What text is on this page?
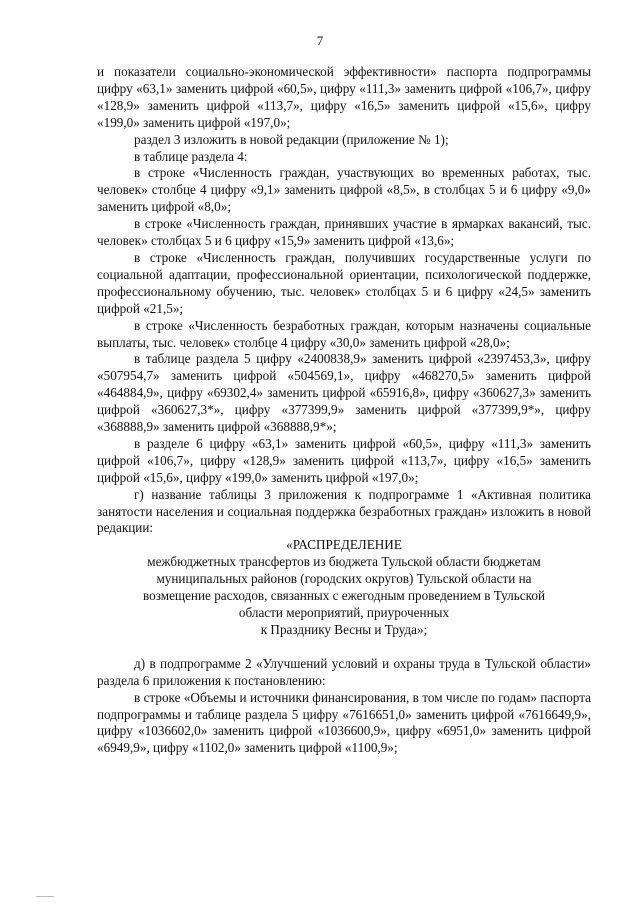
7

и показатели социально-экономической эффективности» паспорта подпрограммы цифру «63,1» заменить цифрой «60,5», цифру «111,3» заменить цифрой «106,7», цифру «128,9» заменить цифрой «113,7», цифру «16,5» заменить цифрой «15,6», цифру «199,0» заменить цифрой «197,0»;

раздел 3 изложить в новой редакции (приложение № 1);

в таблице раздела 4:

в строке «Численность граждан, участвующих во временных работах, тыс. человек» столбце 4 цифру «9,1» заменить цифрой «8,5», в столбцах 5 и 6 цифру «9,0» заменить цифрой «8,0»;

в строке «Численность граждан, принявших участие в ярмарках вакансий, тыс. человек» столбцах 5 и 6 цифру «15,9» заменить цифрой «13,6»;

в строке «Численность граждан, получивших государственные услуги по социальной адаптации, профессиональной ориентации, психологической поддержке, профессиональному обучению, тыс. человек» столбцах 5 и 6 цифру «24,5» заменить цифрой «21,5»;

в строке «Численность безработных граждан, которым назначены социальные выплаты, тыс. человек» столбце 4 цифру «30,0» заменить цифрой «28,0»;

в таблице раздела 5 цифру «2400838,9» заменить цифрой «2397453,3», цифру «507954,7» заменить цифрой «504569,1», цифру «468270,5» заменить цифрой «464884,9», цифру «69302,4» заменить цифрой «65916,8», цифру «360627,3» заменить цифрой «360627,3*», цифру «377399,9» заменить цифрой «377399,9*», цифру «368888,9» заменить цифрой «368888,9*»;

в разделе 6 цифру «63,1» заменить цифрой «60,5», цифру «111,3» заменить цифрой «106,7», цифру «128,9» заменить цифрой «113,7», цифру «16,5» заменить цифрой «15,6», цифру «199,0» заменить цифрой «197,0»;

г) название таблицы 3 приложения к подпрограмме 1 «Активная политика занятости населения и социальная поддержка безработных граждан» изложить в новой редакции:

«РАСПРЕДЕЛЕНИЕ

межбюджетных трансфертов из бюджета Тульской области бюджетам

муниципальных районов (городских округов) Тульской области на

возмещение расходов, связанных с ежегодным проведением в Тульской

области мероприятий, приуроченных

к Празднику Весны и Труда»;

д) в подпрограмме 2 «Улучшений условий и охраны труда в Тульской области» раздела 6 приложения к постановлению:

в строке «Объемы и источники финансирования, в том числе по годам» паспорта подпрограммы и таблице раздела 5 цифру «7616651,0» заменить цифрой «7616649,9», цифру «1036602,0» заменить цифрой «1036600,9», цифру «6951,0» заменить цифрой «6949,9», цифру «1102,0» заменить цифрой «1100,9»;
